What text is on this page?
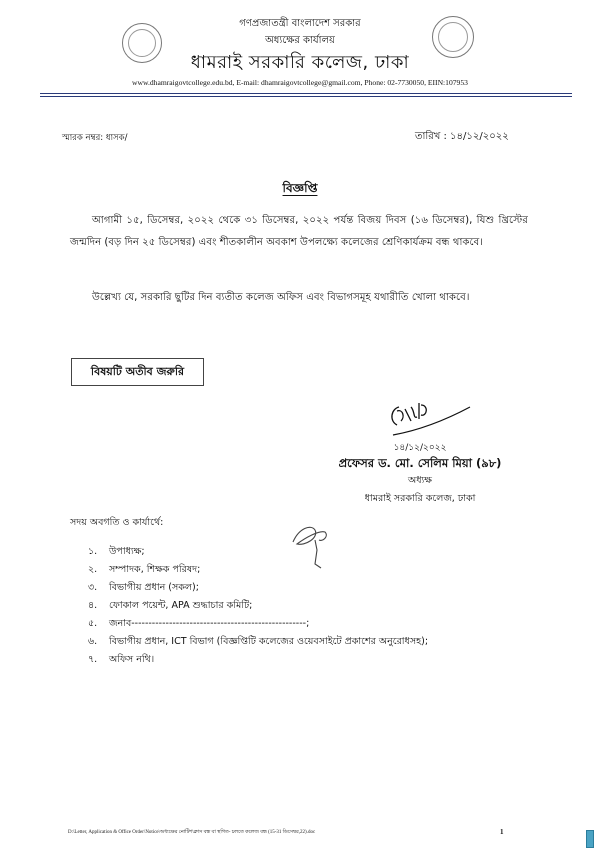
গণপ্রজাতন্ত্রী বাংলাদেশ সরকার
অধ্যক্ষের কার্যালয়
ধামরাই সরকারি কলেজ, ঢাকা
www.dhamraigovtcollege.edu.bd, E-mail: dhamraigovtcollege@gmail.com, Phone: 02-7730050, EIIN:107953
স্মারক নম্বর: ধাসক/	তারিখ : ১৪/১২/২০২২
বিজ্ঞপ্তি
আগামী ১৫, ডিসেম্বর, ২০২২ থেকে ৩১ ডিসেম্বর, ২০২২ পর্যন্ত বিজয় দিবস (১৬ ডিসেম্বর), যিশু খ্রিস্টের জন্মদিন (বড় দিন ২৫ ডিসেম্বর) এবং শীতকালীন অবকাশ উপলক্ষ্যে কলেজের শ্রেণিকার্যক্রম বন্ধ থাকবে।
উল্লেখ্য যে, সরকারি ছুটির দিন ব্যতীত কলেজ অফিস এবং বিভাগসমূহ যথারীতি খোলা থাকবে।
বিষয়টি অতীব জরুরি
১৪/১২/২০২২
প্রফেসর ড. মো. সেলিম মিয়া (৯৮)
অধ্যক্ষ
ধামরাই সরকারি কলেজ, ঢাকা
সদয় অবগতি ও কার্যার্থে:
১. উপাধ্যক্ষ;
২. সম্পাদক, শিক্ষক পরিষদ;
৩. বিভাগীয় প্রধান (সকল);
৪. ফোকাল পয়েন্ট, APA শুদ্ধাচার কমিটি;
৫. জনাব---------------------------------------------------;
৬. বিভাগীয় প্রধান, ICT বিভাগ (বিজ্ঞপ্তিটি কলেজের ওয়েবসাইটে প্রকাশের অনুরোধসহ);
৭. অফিস নথি।
D:\Letter, Application & Office Order\Notice\অধ্যক্ষের নোটিশ\ক্লাস বন্ধ বা স্থগিত- চলতে কলেজ বন্ধ (15-31 ডিসেম্বর,22).doc	1
